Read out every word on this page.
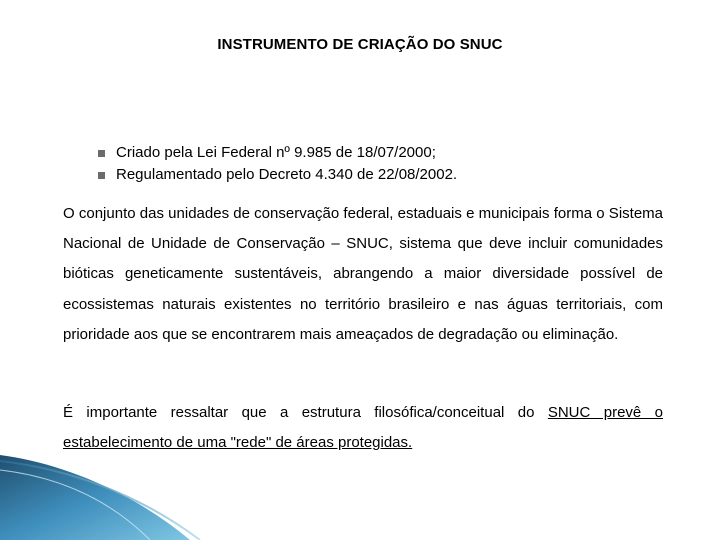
INSTRUMENTO DE CRIAÇÃO DO SNUC
Criado pela Lei Federal nº 9.985 de 18/07/2000;
Regulamentado pelo Decreto 4.340 de 22/08/2002.

O conjunto das unidades de conservação federal, estaduais e municipais forma o Sistema Nacional de Unidade de Conservação – SNUC, sistema que deve incluir comunidades bióticas geneticamente sustentáveis, abrangendo a maior diversidade possível de ecossistemas naturais existentes no território brasileiro e nas águas territoriais, com prioridade aos que se encontrarem mais ameaçados de degradação ou eliminação.

É importante ressaltar que a estrutura filosófica/conceitual do SNUC prevê o estabelecimento de uma "rede" de áreas protegidas.
